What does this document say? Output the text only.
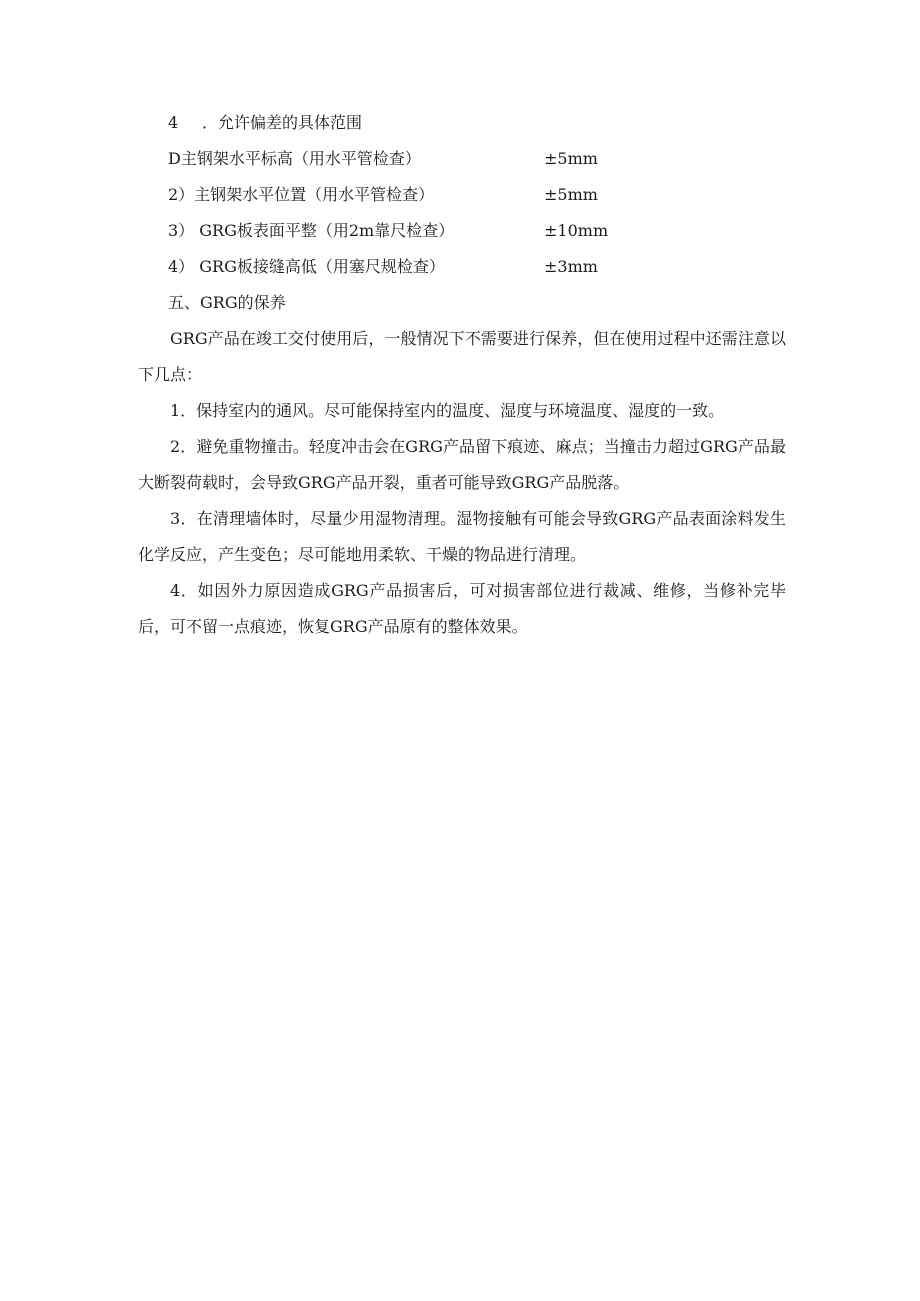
4 ．允许偏差的具体范围
D主钢架水平标高（用水平管检查）	±5mm
2）主钢架水平位置（用水平管检查）	±5mm
3） GRG板表面平整（用2m靠尺检查）	±10mm
4） GRG板接缝高低（用塞尺规检查）	±3mm
五、GRG的保养
GRG产品在竣工交付使用后，一般情况下不需要进行保养，但在使用过程中还需注意以下几点：
1．保持室内的通风。尽可能保持室内的温度、湿度与环境温度、湿度的一致。
2．避免重物撞击。轻度冲击会在GRG产品留下痕迹、麻点；当撞击力超过GRG产品最大断裂荷载时，会导致GRG产品开裂，重者可能导致GRG产品脱落。
3．在清理墙体时，尽量少用湿物清理。湿物接触有可能会导致GRG产品表面涂料发生化学反应，产生变色；尽可能地用柔软、干燥的物品进行清理。
4．如因外力原因造成GRG产品损害后，可对损害部位进行裁减、维修，当修补完毕后，可不留一点痕迹，恢复GRG产品原有的整体效果。
